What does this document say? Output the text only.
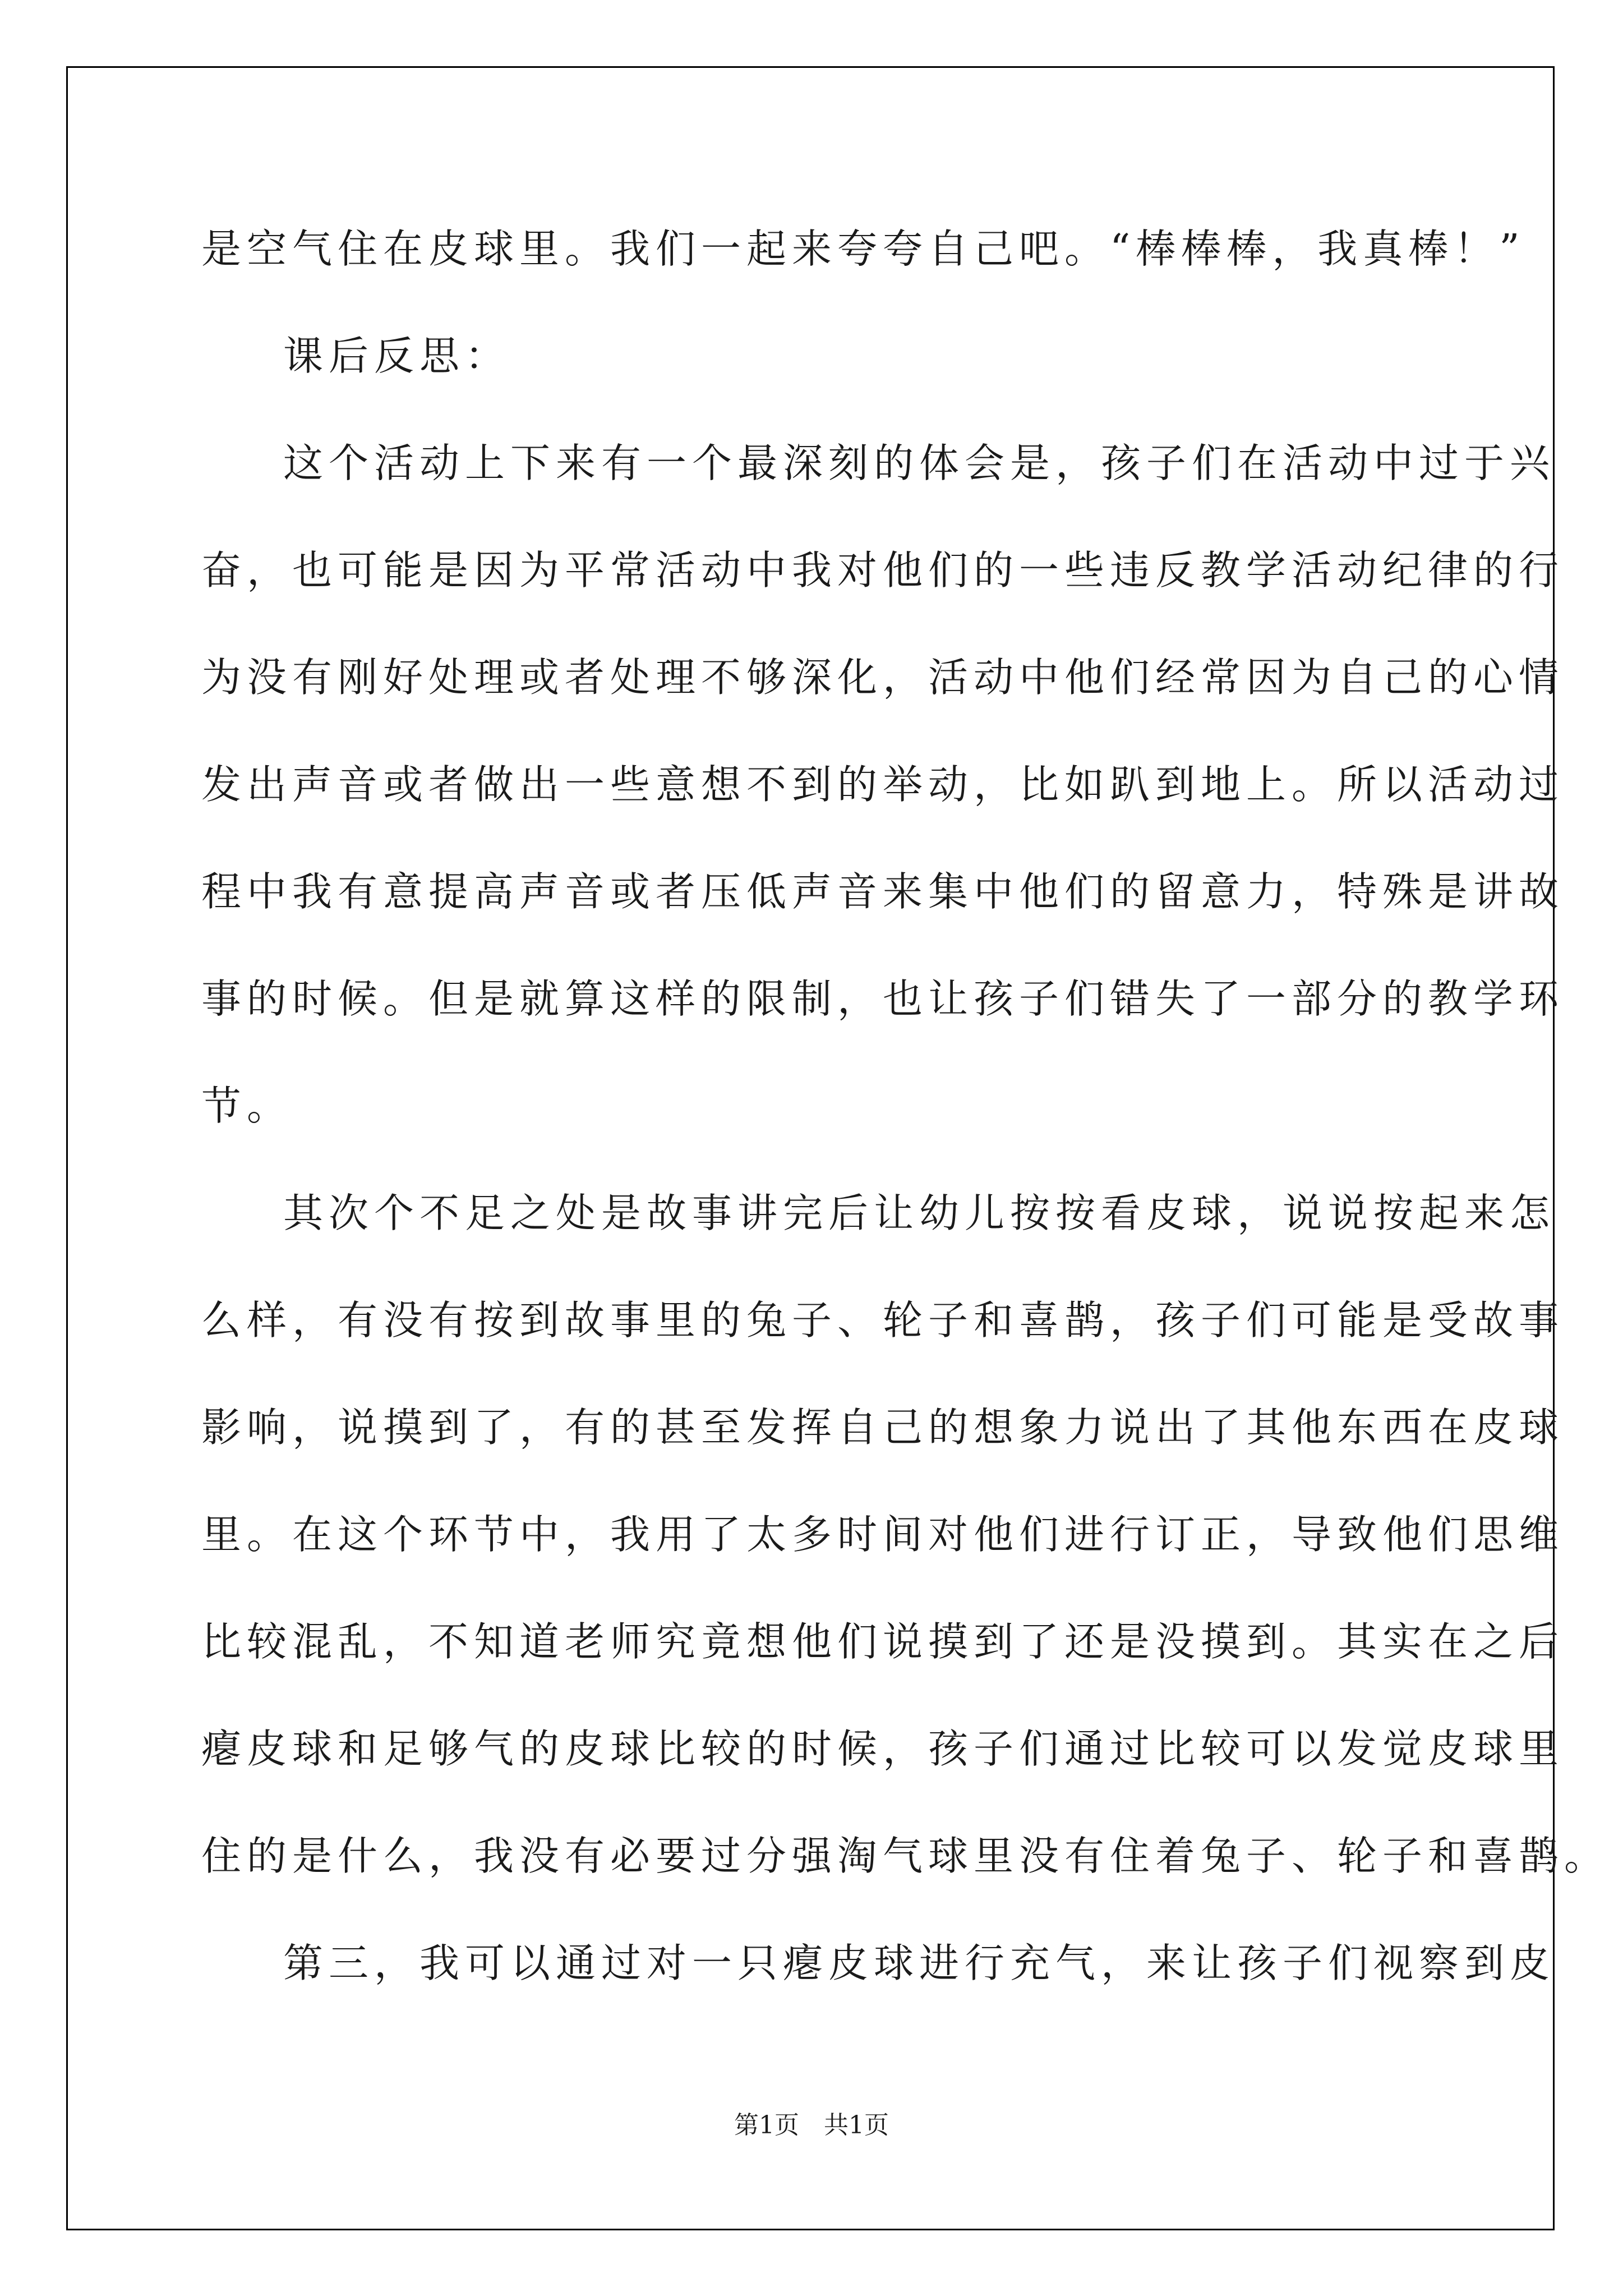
是空气住在皮球里。我们一起来夸夸自己吧。“棒棒棒，我真棒！”
课后反思：
这个活动上下来有一个最深刻的体会是，孩子们在活动中过于兴
奋，也可能是因为平常活动中我对他们的一些违反教学活动纪律的行
为没有刚好处理或者处理不够深化，活动中他们经常因为自己的心情
发出声音或者做出一些意想不到的举动，比如趴到地上。所以活动过
程中我有意提高声音或者压低声音来集中他们的留意力，特殊是讲故
事的时候。但是就算这样的限制，也让孩子们错失了一部分的教学环
节。
其次个不足之处是故事讲完后让幼儿按按看皮球，说说按起来怎
么样，有没有按到故事里的兔子、轮子和喜鹊，孩子们可能是受故事
影响，说摸到了，有的甚至发挥自己的想象力说出了其他东西在皮球
里。在这个环节中，我用了太多时间对他们进行订正，导致他们思维
比较混乱，不知道老师究竟想他们说摸到了还是没摸到。其实在之后
瘪皮球和足够气的皮球比较的时候，孩子们通过比较可以发觉皮球里
住的是什么，我没有必要过分强淘气球里没有住着兔子、轮子和喜鹊。
第三，我可以通过对一只瘪皮球进行充气，来让孩子们视察到皮
第1页　共1页
